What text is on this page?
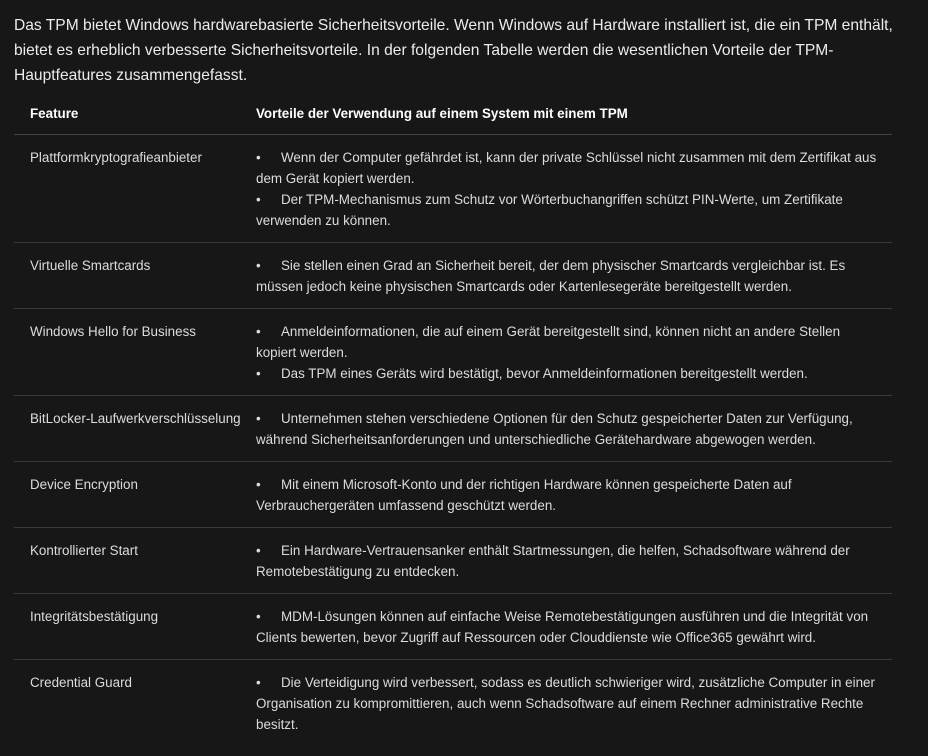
Das TPM bietet Windows hardwarebasierte Sicherheitsvorteile. Wenn Windows auf Hardware installiert ist, die ein TPM enthält, bietet es erheblich verbesserte Sicherheitsvorteile. In der folgenden Tabelle werden die wesentlichen Vorteile der TPM-Hauptfeatures zusammengefasst.

Feature	Vorteile der Verwendung auf einem System mit einem TPM
Plattformkryptografieanbieter	• Wenn der Computer gefährdet ist, kann der private Schlüssel nicht zusammen mit dem Zertifikat aus dem Gerät kopiert werden.
• Der TPM-Mechanismus zum Schutz vor Wörterbuchangriffen schützt PIN-Werte, um Zertifikate verwenden zu können.

Virtuelle Smartcards	• Sie stellen einen Grad an Sicherheit bereit, der dem physischer Smartcards vergleichbar ist. Es müssen jedoch keine physischen Smartcards oder Kartenlesegeräte bereitgestellt werden.

Windows Hello for Business	• Anmeldeinformationen, die auf einem Gerät bereitgestellt sind, können nicht an andere Stellen kopiert werden.
• Das TPM eines Geräts wird bestätigt, bevor Anmeldeinformationen bereitgestellt werden.

BitLocker-Laufwerkverschlüsselung	• Unternehmen stehen verschiedene Optionen für den Schutz gespeicherter Daten zur Verfügung, während Sicherheitsanforderungen und unterschiedliche Gerätehardware abgewogen werden.

Device Encryption	• Mit einem Microsoft-Konto und der richtigen Hardware können gespeicherte Daten auf Verbrauchergeräten umfassend geschützt werden.

Kontrollierter Start	• Ein Hardware-Vertrauensanker enthält Startmessungen, die helfen, Schadsoftware während der Remotebestätigung zu entdecken.

Integritätsbestätigung	• MDM-Lösungen können auf einfache Weise Remotebestätigungen ausführen und die Integrität von Clients bewerten, bevor Zugriff auf Ressourcen oder Clouddienste wie Office365 gewährt wird.

Credential Guard	• Die Verteidigung wird verbessert, sodass es deutlich schwieriger wird, zusätzliche Computer in einer Organisation zu kompromittieren, auch wenn Schadsoftware auf einem Rechner administrative Rechte besitzt.
